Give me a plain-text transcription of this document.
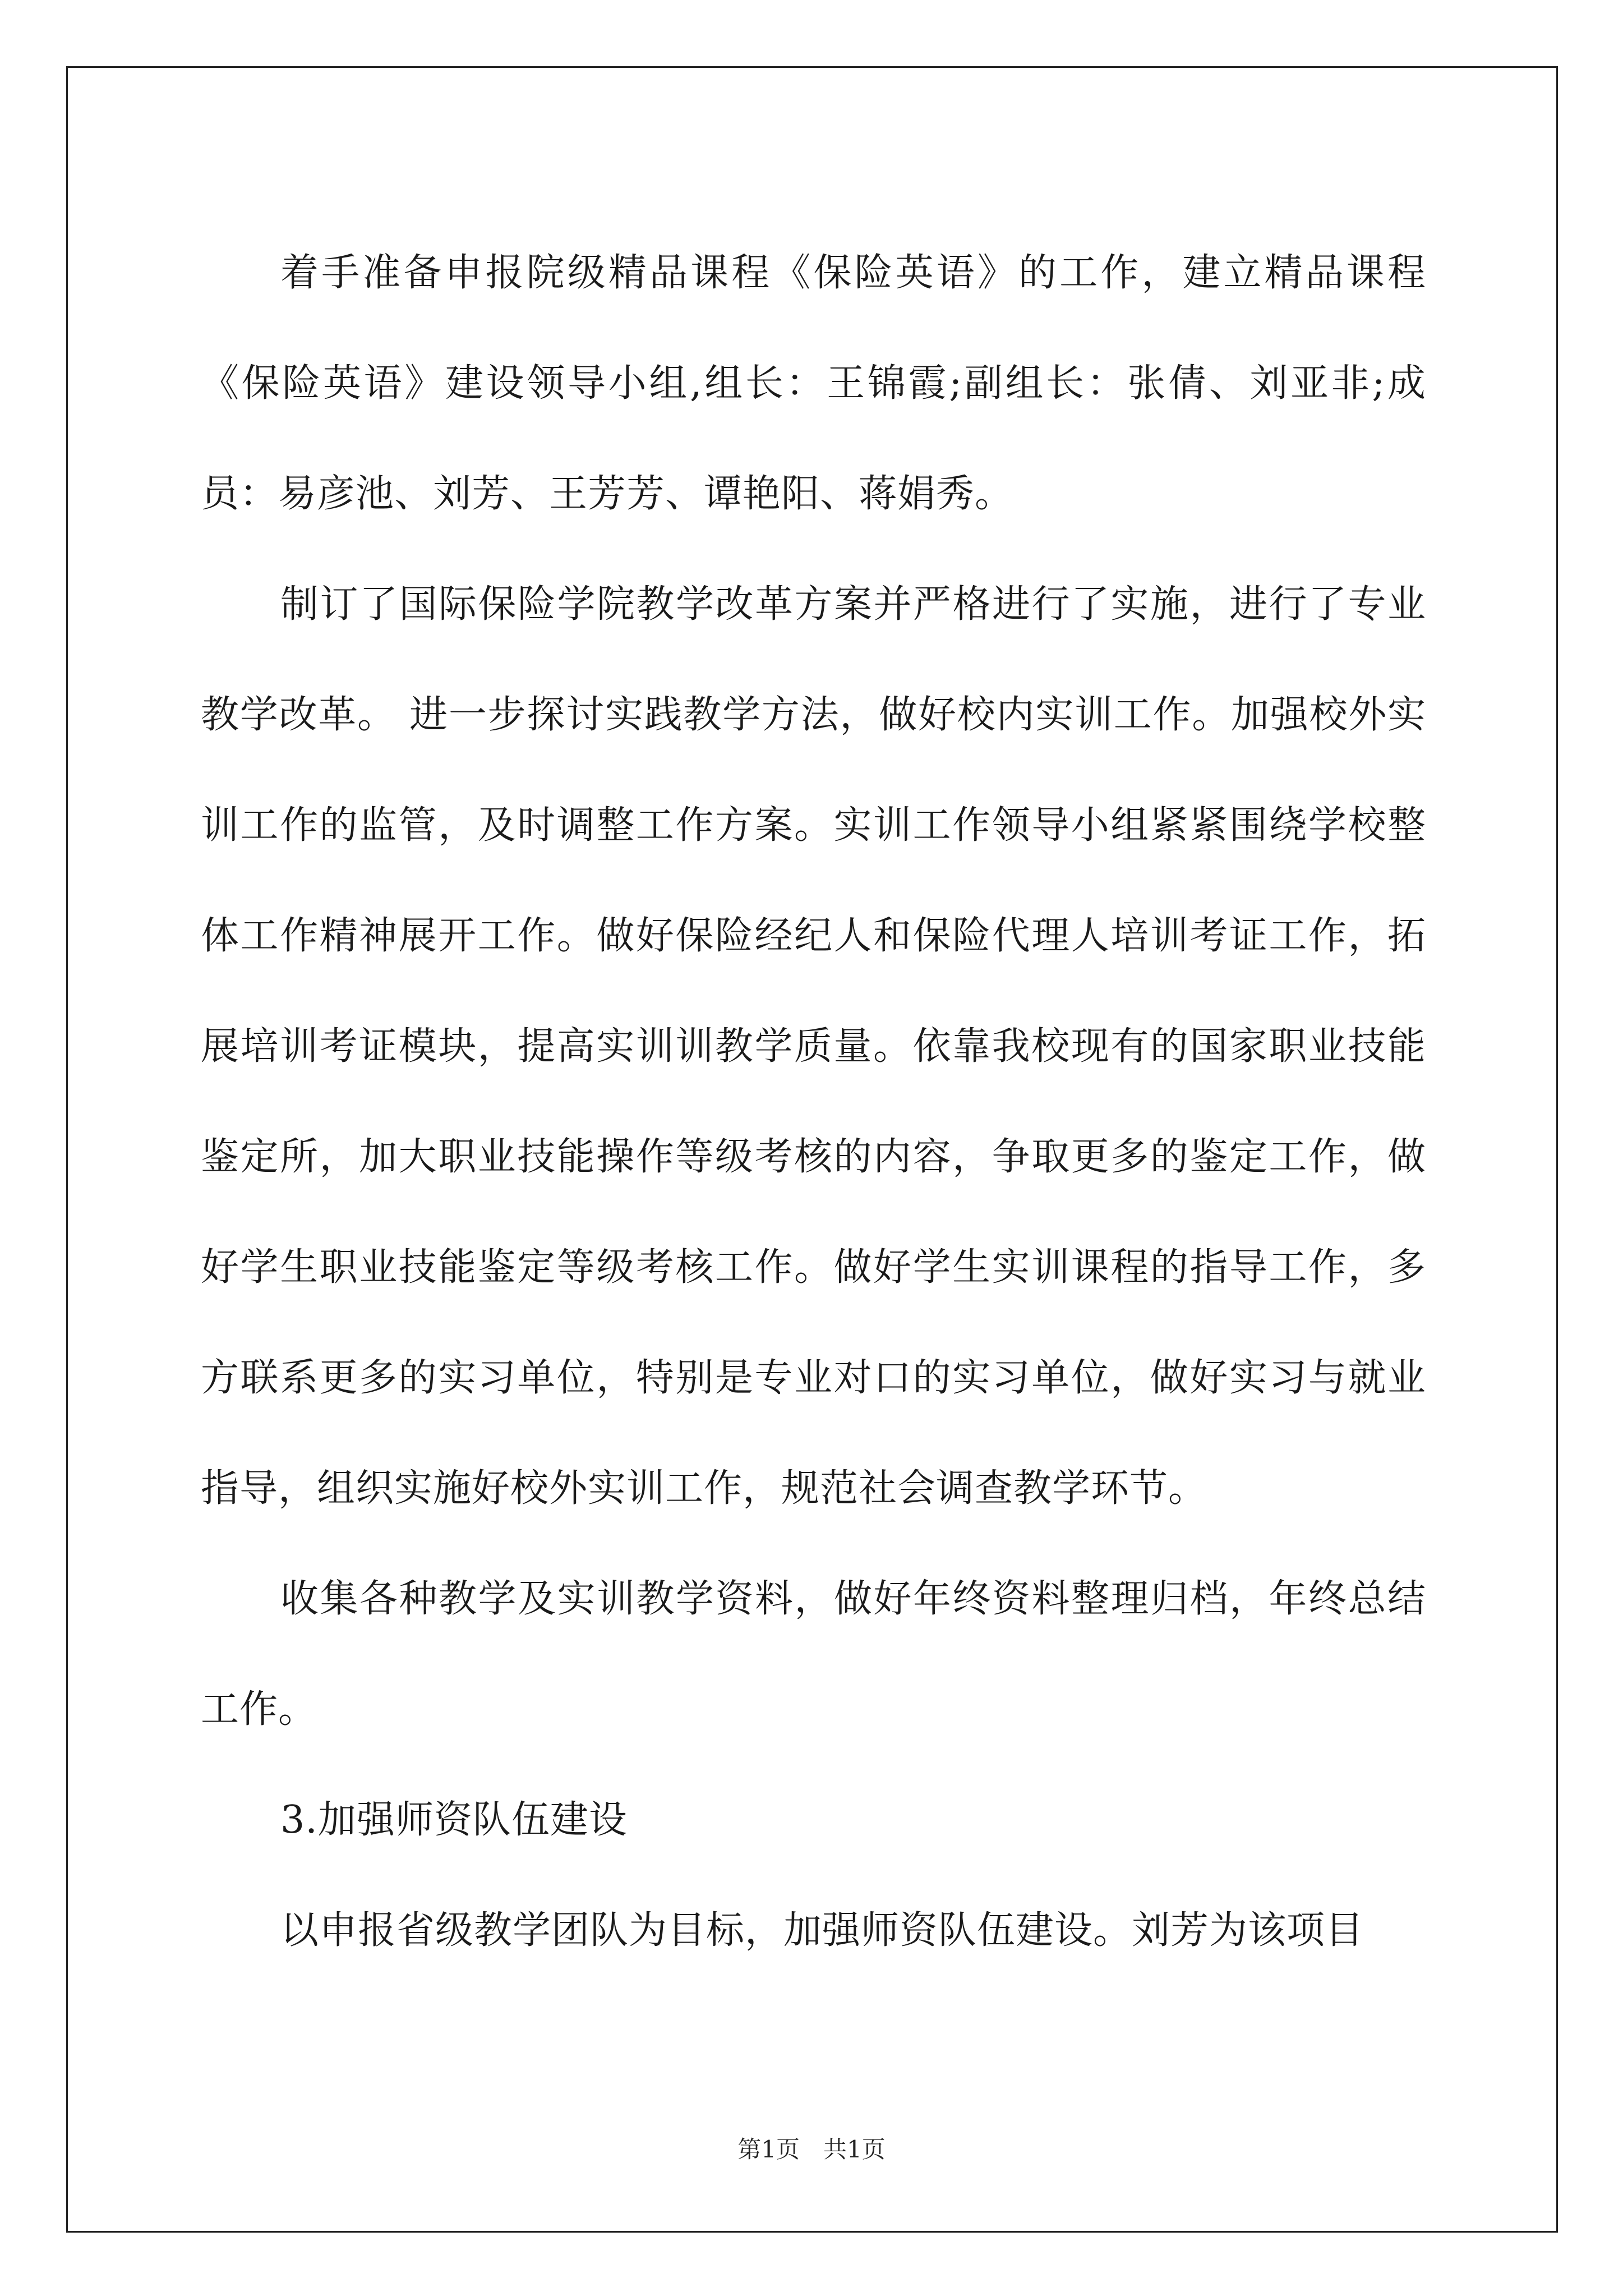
着手准备申报院级精品课程《保险英语》的工作，建立精品课程《保险英语》建设领导小组,组长：王锦霞;副组长：张倩、刘亚非;成员：易彦池、刘芳、王芳芳、谭艳阳、蒋娟秀。

制订了国际保险学院教学改革方案并严格进行了实施，进行了专业教学改革。 进一步探讨实践教学方法，做好校内实训工作。加强校外实训工作的监管，及时调整工作方案。实训工作领导小组紧紧围绕学校整体工作精神展开工作。做好保险经纪人和保险代理人培训考证工作，拓展培训考证模块，提高实训训教学质量。依靠我校现有的国家职业技能鉴定所，加大职业技能操作等级考核的内容，争取更多的鉴定工作，做好学生职业技能鉴定等级考核工作。做好学生实训课程的指导工作，多方联系更多的实习单位，特别是专业对口的实习单位，做好实习与就业指导，组织实施好校外实训工作，规范社会调查教学环节。

收集各种教学及实训教学资料，做好年终资料整理归档，年终总结工作。

3.加强师资队伍建设

以申报省级教学团队为目标，加强师资队伍建设。刘芳为该项目

第1页 共1页
